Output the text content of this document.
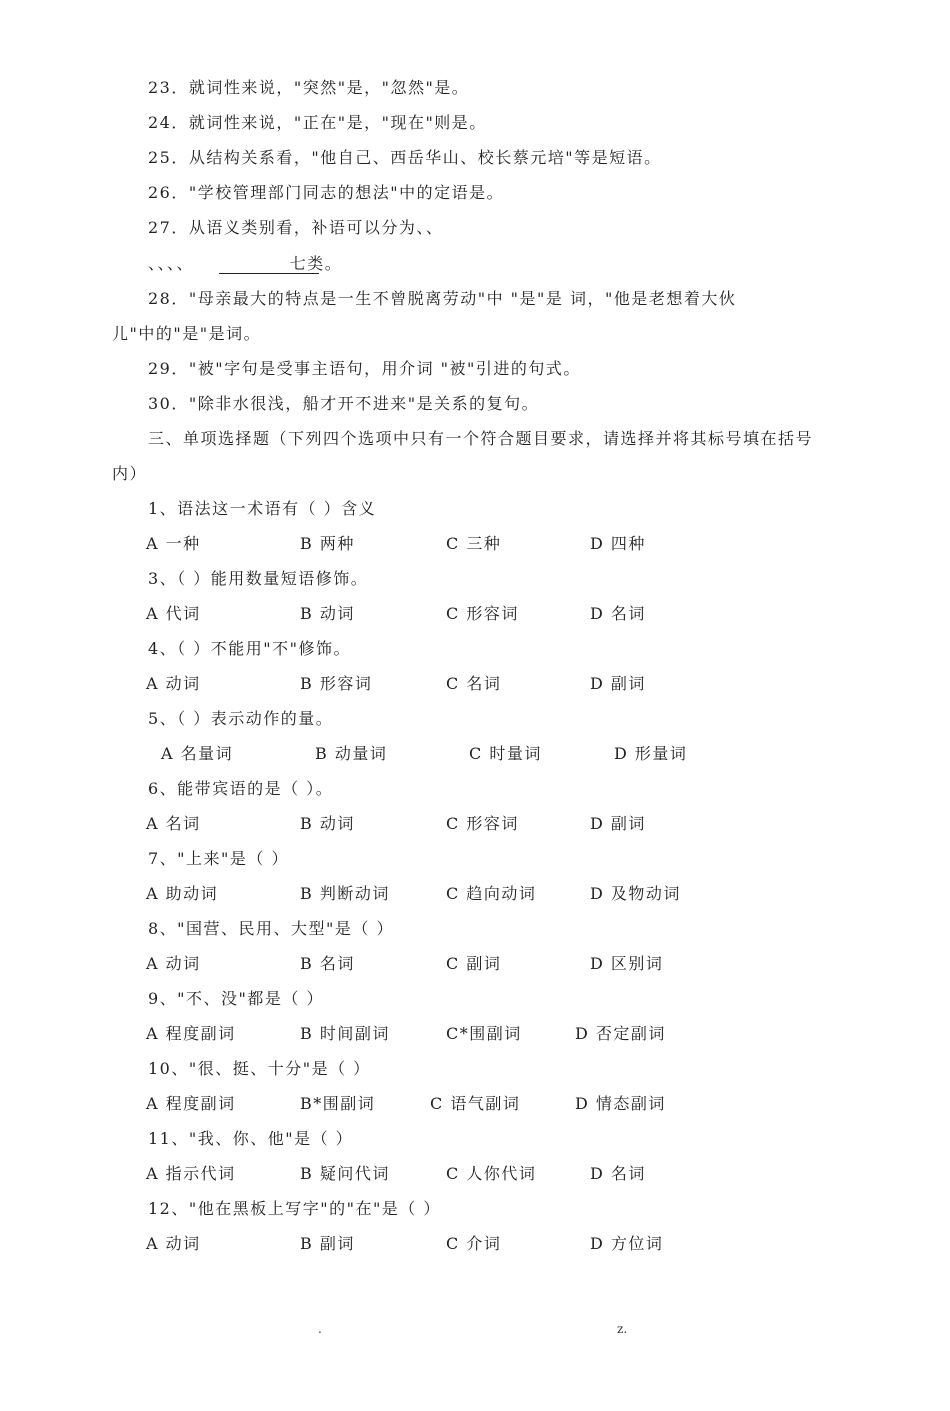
23．就词性来说，"突然"是，"忽然"是。
24．就词性来说，"正在"是，"现在"则是。
25．从结构关系看，"他自己、西岳华山、校长蔡元培"等是短语。
26．"学校管理部门同志的想法"中的定语是。
27．从语义类别看，补语可以分为、、
、、、、	七类。
28．"母亲最大的特点是一生不曾脱离劳动"中 "是"是 词，"他是老想着大伙
儿"中的"是"是词。
29．"被"字句是受事主语句，用介词 "被"引进的句式。
30．"除非水很浅，船才开不进来"是关系的复句。
三、单项选择题（下列四个选项中只有一个符合题目要求，请选择并将其标号填在括号
内）
1、语法这一术语有（ ）含义
A 一种	B 两种	C 三种	D 四种
3、（ ）能用数量短语修饰。
A 代词	B 动词	C 形容词	D 名词
4、（ ）不能用"不"修饰。
A 动词	B 形容词	C 名词	D 副词
5、（ ）表示动作的量。
A 名量词	B 动量词	C 时量词	D 形量词
6、能带宾语的是（ ）。
A 名词	B 动词	C 形容词	D 副词
7、"上来"是（ ）
A 助动词	B 判断动词	C 趋向动词	D 及物动词
8、"国营、民用、大型"是（ ）
A 动词	B 名词	C 副词	D 区别词
9、"不、没"都是（ ）
A 程度副词	B 时间副词	C*围副词	D 否定副词
10、"很、挺、十分"是（ ）
A 程度副词	B*围副词	C 语气副词	D 情态副词
11、"我、你、他"是（ ）
A 指示代词	B 疑问代词	C 人你代词	D 名词
12、"他在黑板上写字"的"在"是（ ）
A 动词	B 副词	C 介词	D 方位词
.	z.
